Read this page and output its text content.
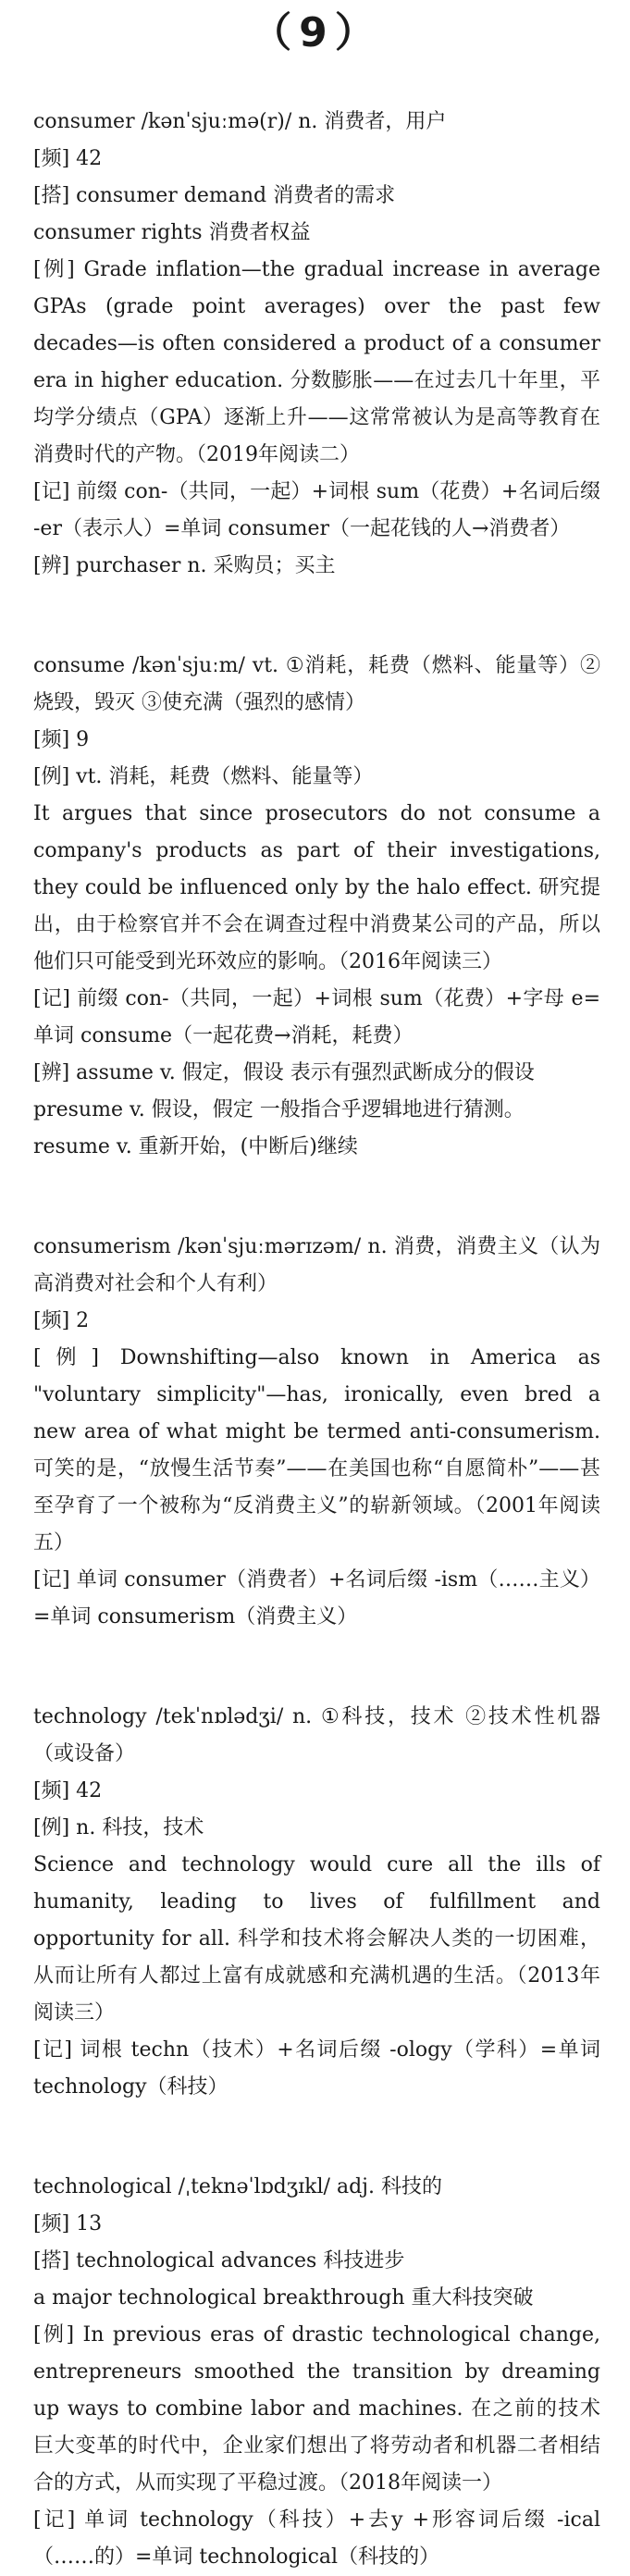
（9）

consumer /kənˈsjuːmə(r)/ n. 消费者，用户

[频] 42

[搭] consumer demand 消费者的需求

consumer rights 消费者权益

[例] Grade inflation—the gradual increase in average GPAs (grade point averages) over the past few decades—is often considered a product of a consumer era in higher education. 分数膨胀——在过去几十年里，平均学分绩点（GPA）逐渐上升——这常常被认为是高等教育在消费时代的产物。（2019年阅读二）

[记] 前缀 con-（共同，一起）+词根 sum（花费）+名词后缀 -er（表示人）=单词 consumer（一起花钱的人→消费者）

[辨] purchaser n. 采购员；买主

consume /kənˈsjuːm/ vt. ①消耗，耗费（燃料、能量等）②烧毁，毁灭 ③使充满（强烈的感情）

[频] 9

[例] vt. 消耗，耗费（燃料、能量等）

It argues that since prosecutors do not consume a company's products as part of their investigations, they could be influenced only by the halo effect. 研究提出，由于检察官并不会在调查过程中消费某公司的产品，所以他们只可能受到光环效应的影响。（2016年阅读三）

[记] 前缀 con-（共同，一起）+词根 sum（花费）+字母 e=单词 consume（一起花费→消耗，耗费）

[辨] assume v. 假定，假设 表示有强烈武断成分的假设

presume v. 假设，假定 一般指合乎逻辑地进行猜测。

resume v. 重新开始，(中断后)继续

consumerism /kənˈsjuːmərɪzəm/ n. 消费，消费主义（认为高消费对社会和个人有利）

[频] 2

[例] Downshifting—also known in America as "voluntary simplicity"—has, ironically, even bred a new area of what might be termed anti-consumerism. 可笑的是，“放慢生活节奏”——在美国也称“自愿简朴”——甚至孕育了一个被称为“反消费主义”的崭新领域。（2001年阅读五）

[记] 单词 consumer（消费者）+名词后缀 -ism（……主义）=单词 consumerism（消费主义）

technology /tekˈnɒlədʒi/ n. ①科技，技术 ②技术性机器（或设备）

[频] 42

[例] n. 科技，技术

Science and technology would cure all the ills of humanity, leading to lives of fulfillment and opportunity for all. 科学和技术将会解决人类的一切困难，从而让所有人都过上富有成就感和充满机遇的生活。（2013年阅读三）

[记] 词根 techn（技术）+名词后缀 -ology（学科）=单词 technology（科技）

technological /ˌteknəˈlɒdʒɪkl/ adj. 科技的

[频] 13

[搭] technological advances 科技进步

a major technological breakthrough 重大科技突破

[例] In previous eras of drastic technological change, entrepreneurs smoothed the transition by dreaming up ways to combine labor and machines. 在之前的技术巨大变革的时代中，企业家们想出了将劳动者和机器二者相结合的方式，从而实现了平稳过渡。（2018年阅读一）

[记] 单词 technology（科技）+去y +形容词后缀 -ical（……的）=单词 technological（科技的）
